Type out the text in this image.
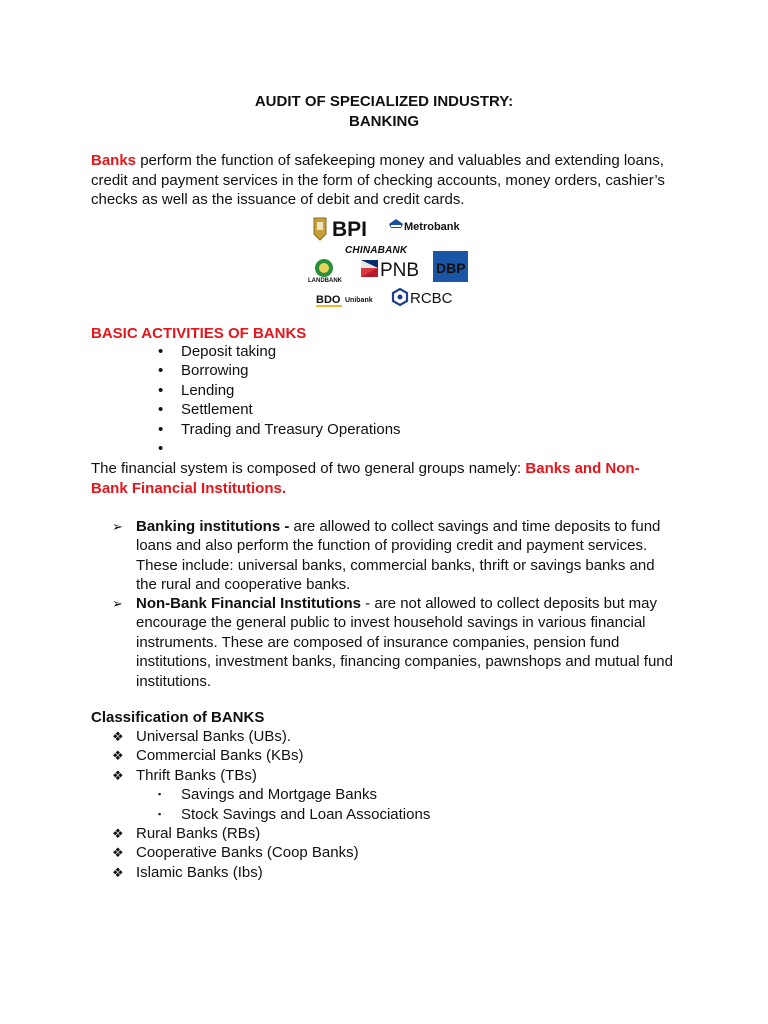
AUDIT OF SPECIALIZED INDUSTRY:
BANKING
Banks perform the function of safekeeping money and valuables and extending loans,
credit and payment services in the form of checking accounts, money orders, cashier’s
checks as well as the issuance of debit and credit cards.
BPI	Metrobank
CHINABANK
LANDBANK PNB DBP
BDO Unibank RCBC
BASIC ACTIVITIES OF BANKS
• Deposit taking
• Borrowing
• Lending
• Settlement
• Trading and Treasury Operations
•
The financial system is composed of two general groups namely: Banks and Non-
Bank Financial Institutions.
➢ Banking institutions - are allowed to collect savings and time deposits to fund
loans and also perform the function of providing credit and payment services.
These include: universal banks, commercial banks, thrift or savings banks and
the rural and cooperative banks.
➢ Non-Bank Financial Institutions - are not allowed to collect deposits but may
encourage the general public to invest household savings in various financial
instruments. These are composed of insurance companies, pension fund
institutions, investment banks, financing companies, pawnshops and mutual fund
institutions.
Classification of BANKS
❖ Universal Banks (UBs).
❖ Commercial Banks (KBs)
❖ Thrift Banks (TBs)
▪ Savings and Mortgage Banks
▪ Stock Savings and Loan Associations
❖ Rural Banks (RBs)
❖ Cooperative Banks (Coop Banks)
❖ Islamic Banks (Ibs)
